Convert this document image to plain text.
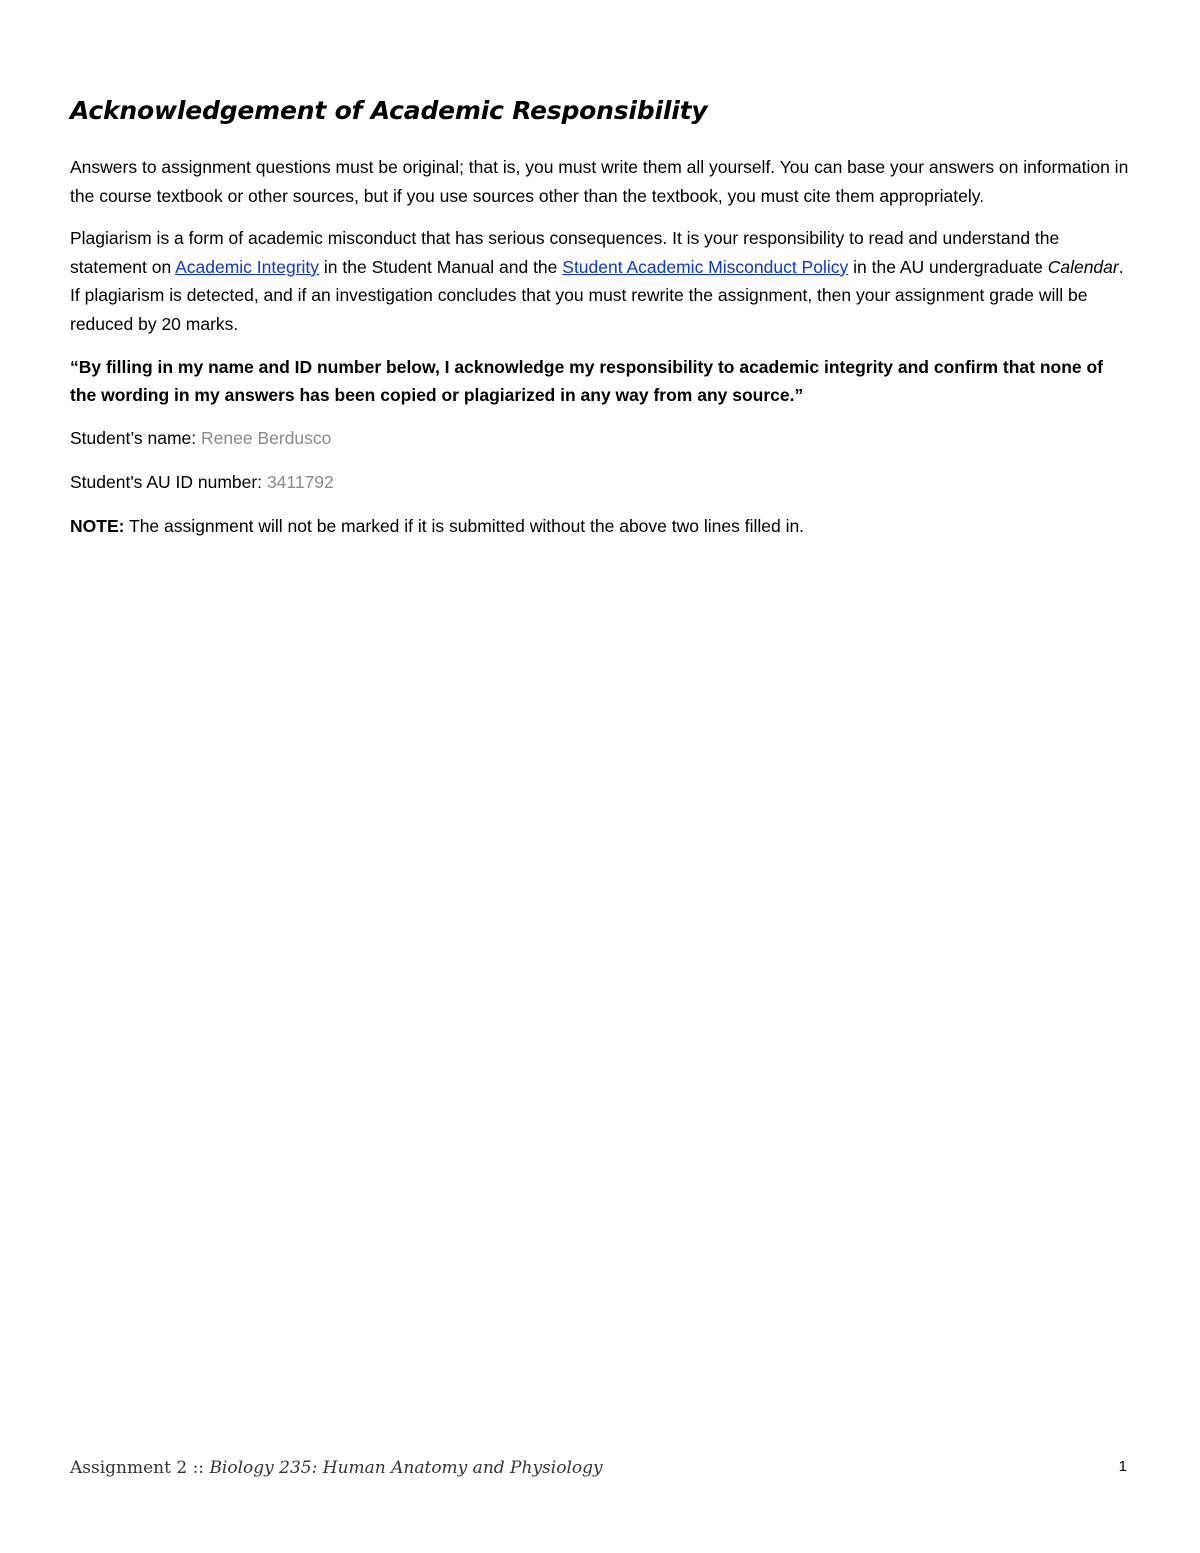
Acknowledgement of Academic Responsibility

Answers to assignment questions must be original; that is, you must write them all yourself. You can base your answers on information in the course textbook or other sources, but if you use sources other than the textbook, you must cite them appropriately.

Plagiarism is a form of academic misconduct that has serious consequences. It is your responsibility to read and understand the statement on Academic Integrity in the Student Manual and the Student Academic Misconduct Policy in the AU undergraduate Calendar. If plagiarism is detected, and if an investigation concludes that you must rewrite the assignment, then your assignment grade will be reduced by 20 marks.

“By filling in my name and ID number below, I acknowledge my responsibility to academic integrity and confirm that none of the wording in my answers has been copied or plagiarized in any way from any source.”

Student’s name: Renee Berdusco
Student's AU ID number: 3411792

NOTE: The assignment will not be marked if it is submitted without the above two lines filled in.

Assignment 2 :: Biology 235: Human Anatomy and Physiology	1
